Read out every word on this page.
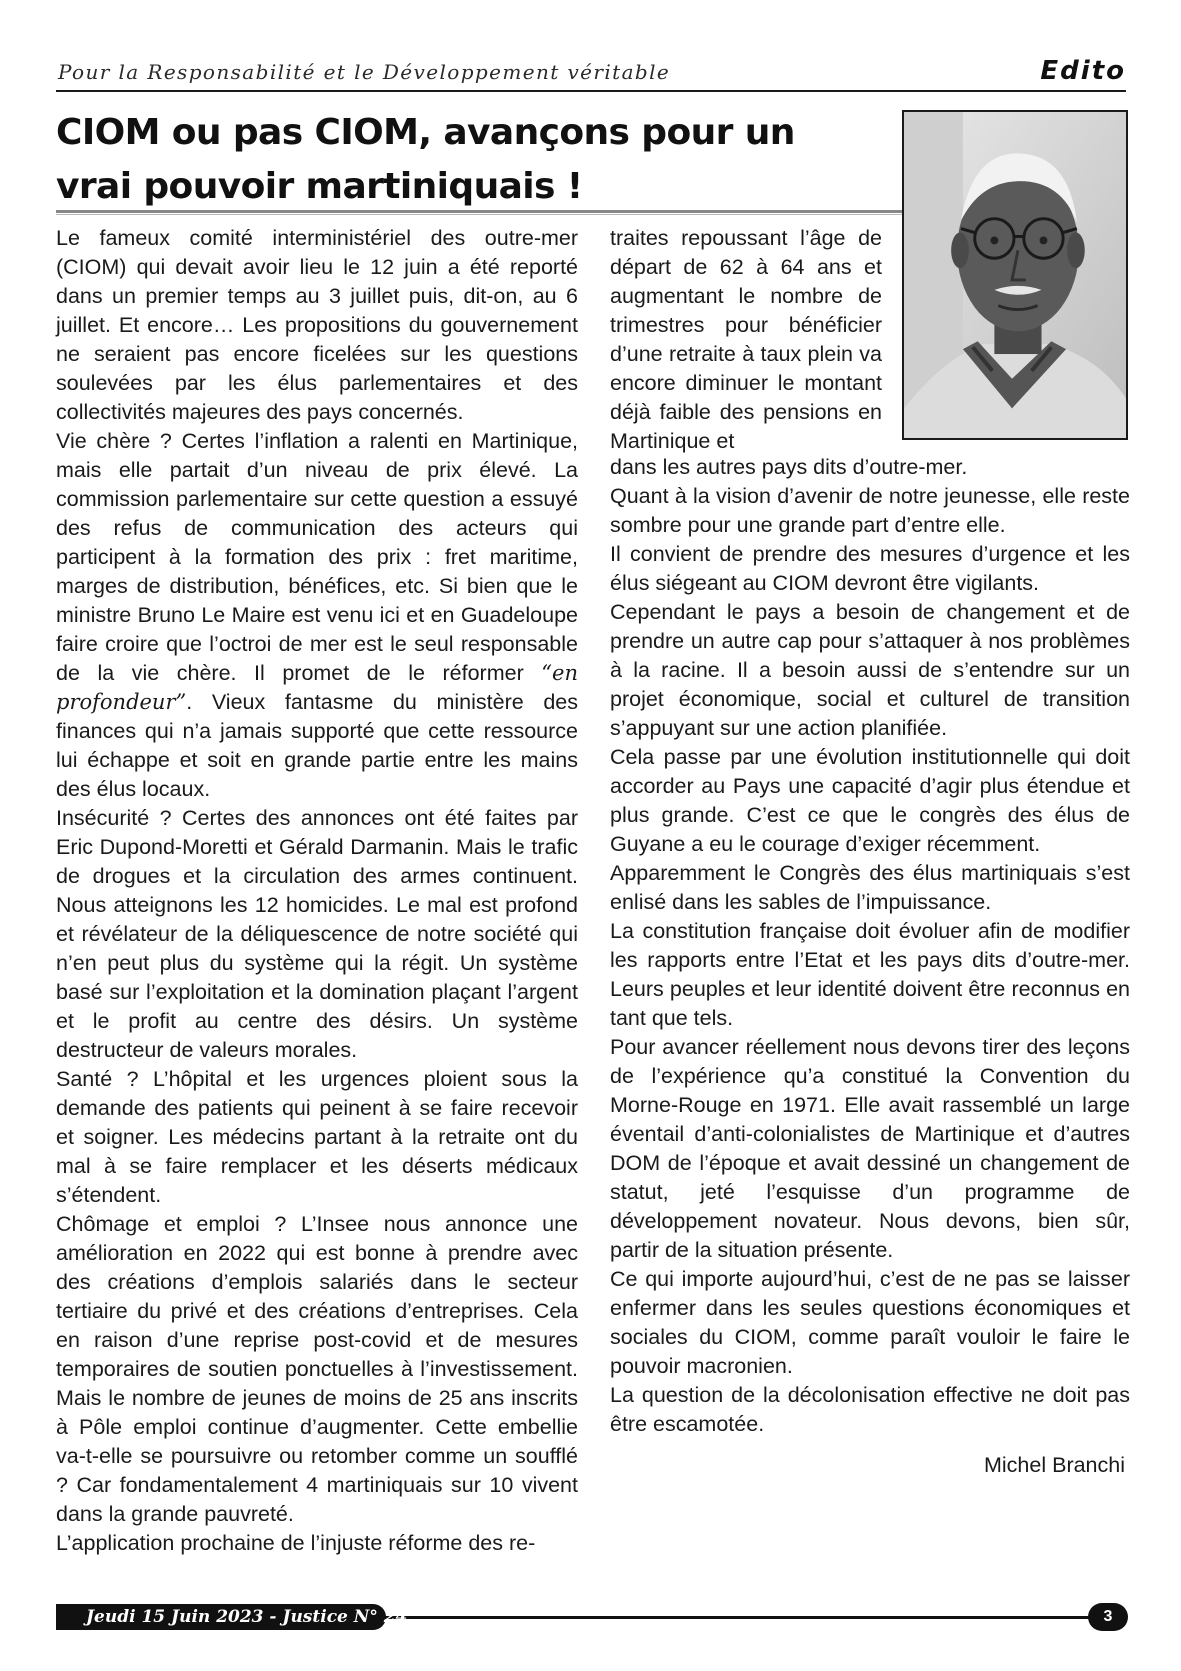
Pour la Responsabilité et le Développement véritable	Edito
CIOM ou pas CIOM, avançons pour un vrai pouvoir martiniquais !

Le fameux comité interministériel des outre-mer (CIOM) qui devait avoir lieu le 12 juin a été reporté dans un premier temps au 3 juillet puis, dit-on, au 6 juillet. Et encore… Les propositions du gouvernement ne seraient pas encore ficelées sur les questions soulevées par les élus parlementaires et des collectivités majeures des pays concernés.

Vie chère ? Certes l’inflation a ralenti en Martinique, mais elle partait d’un niveau de prix élevé. La commission parlementaire sur cette question a essuyé des refus de communication des acteurs qui participent à la formation des prix : fret maritime, marges de distribution, bénéfices, etc. Si bien que le ministre Bruno Le Maire est venu ici et en Guadeloupe faire croire que l’octroi de mer est le seul responsable de la vie chère. Il promet de le réformer “en profondeur”. Vieux fantasme du ministère des finances qui n’a jamais supporté que cette ressource lui échappe et soit en grande partie entre les mains des élus locaux.

Insécurité ? Certes des annonces ont été faites par Eric Dupond-Moretti et Gérald Darmanin. Mais le trafic de drogues et la circulation des armes continuent. Nous atteignons les 12 homicides. Le mal est profond et révélateur de la déliquescence de notre société qui n’en peut plus du système qui la régit. Un système basé sur l’exploitation et la domination plaçant l’argent et le profit au centre des désirs. Un système destructeur de valeurs morales.

Santé ? L’hôpital et les urgences ploient sous la demande des patients qui peinent à se faire recevoir et soigner. Les médecins partant à la retraite ont du mal à se faire remplacer et les déserts médicaux s’étendent.

Chômage et emploi ? L’Insee nous annonce une amélioration en 2022 qui est bonne à prendre avec des créations d’emplois salariés dans le secteur tertiaire du privé et des créations d’entreprises. Cela en raison d’une reprise post-covid et de mesures temporaires de soutien ponctuelles à l’investissement. Mais le nombre de jeunes de moins de 25 ans inscrits à Pôle emploi continue d’augmenter. Cette embellie va-t-elle se poursuivre ou retomber comme un soufflé ? Car fondamentalement 4 martiniquais sur 10 vivent dans la grande pauvreté.

L’application prochaine de l’injuste réforme des re-

traites repoussant l’âge de départ de 62 à 64 ans et augmentant le nombre de trimestres pour bénéficier d’une retraite à taux plein va encore diminuer le montant déjà faible des pensions en Martinique et

dans les autres pays dits d’outre-mer.

Quant à la vision d’avenir de notre jeunesse, elle reste sombre pour une grande part d’entre elle.

Il convient de prendre des mesures d’urgence et les élus siégeant au CIOM devront être vigilants.

Cependant le pays a besoin de changement et de prendre un autre cap pour s’attaquer à nos problèmes à la racine. Il a besoin aussi de s’entendre sur un projet économique, social et culturel de transition s’appuyant sur une action planifiée.

Cela passe par une évolution institutionnelle qui doit accorder au Pays une capacité d’agir plus étendue et plus grande. C’est ce que le congrès des élus de Guyane a eu le courage d’exiger récemment.

Apparemment le Congrès des élus martiniquais s’est enlisé dans les sables de l’impuissance.

La constitution française doit évoluer afin de modifier les rapports entre l’Etat et les pays dits d’outre-mer. Leurs peuples et leur identité doivent être reconnus en tant que tels.

Pour avancer réellement nous devons tirer des leçons de l’expérience qu’a constitué la Convention du Morne-Rouge en 1971. Elle avait rassemblé un large éventail d’anti-colonialistes de Martinique et d’autres DOM de l’époque et avait dessiné un changement de statut, jeté l’esquisse d’un programme de développement novateur. Nous devons, bien sûr, partir de la situation présente.

Ce qui importe aujourd’hui, c’est de ne pas se laisser enfermer dans les seules questions économiques et sociales du CIOM, comme paraît vouloir le faire le pouvoir macronien.

La question de la décolonisation effective ne doit pas être escamotée.

Michel Branchi
Jeudi 15 Juin 2023 - Justice N° 24	3
